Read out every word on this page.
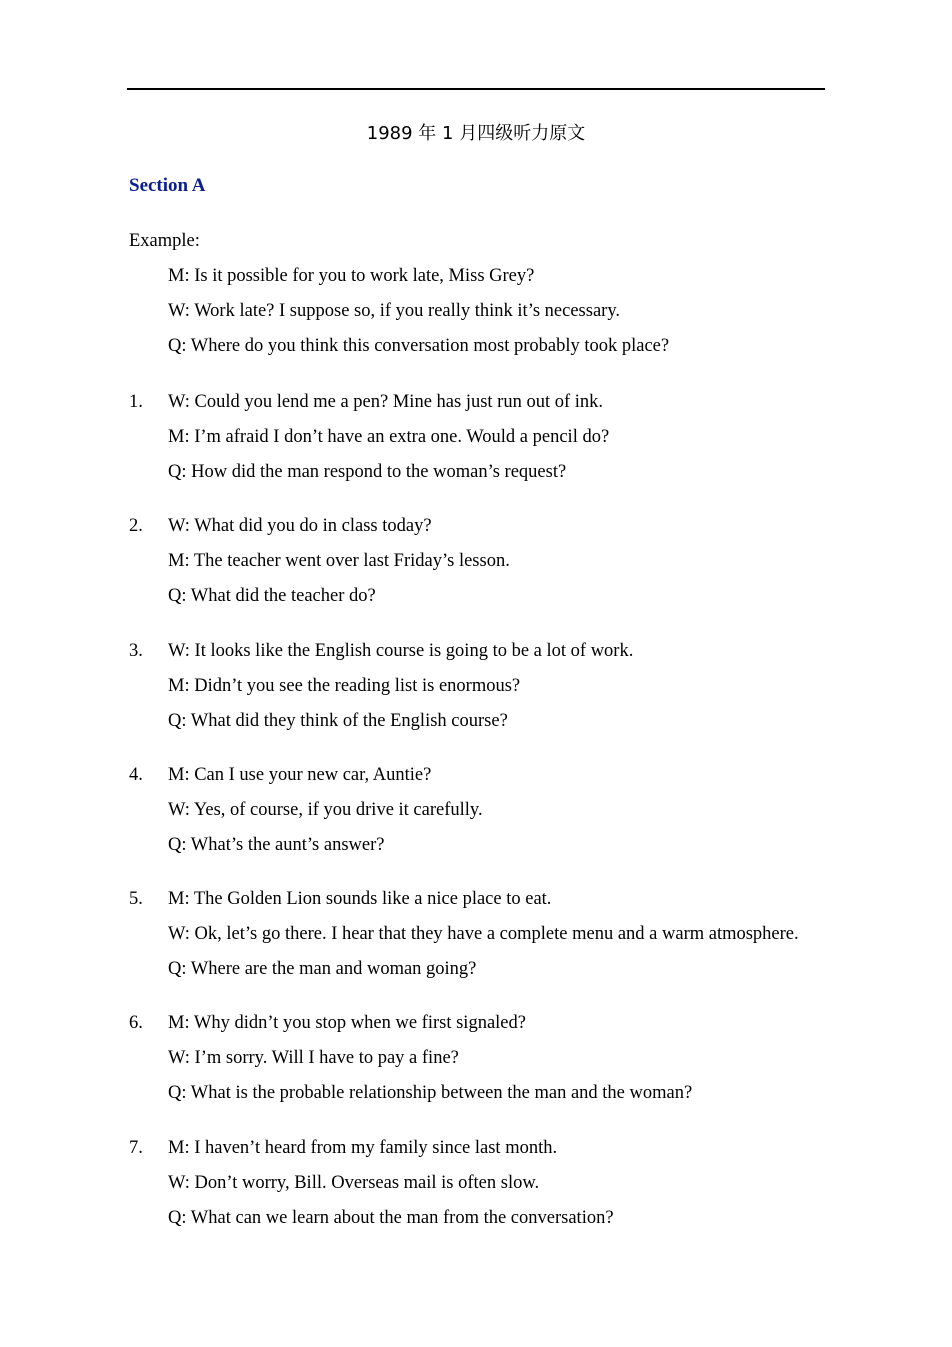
1989 年 1 月四级听力原文
Section A
Example:
M: Is it possible for you to work late, Miss Grey?
W: Work late? I suppose so, if you really think it’s necessary.
Q: Where do you think this conversation most probably took place?
1. W: Could you lend me a pen? Mine has just run out of ink.
M: I’m afraid I don’t have an extra one. Would a pencil do?
Q: How did the man respond to the woman’s request?
2. W: What did you do in class today?
M: The teacher went over last Friday’s lesson.
Q: What did the teacher do?
3. W: It looks like the English course is going to be a lot of work.
M: Didn’t you see the reading list is enormous?
Q: What did they think of the English course?
4. M: Can I use your new car, Auntie?
W: Yes, of course, if you drive it carefully.
Q: What’s the aunt’s answer?
5. M: The Golden Lion sounds like a nice place to eat.
W: Ok, let’s go there. I hear that they have a complete menu and a warm atmosphere.
Q: Where are the man and woman going?
6. M: Why didn’t you stop when we first signaled?
W: I’m sorry. Will I have to pay a fine?
Q: What is the probable relationship between the man and the woman?
7. M: I haven’t heard from my family since last month.
W: Don’t worry, Bill. Overseas mail is often slow.
Q: What can we learn about the man from the conversation?
